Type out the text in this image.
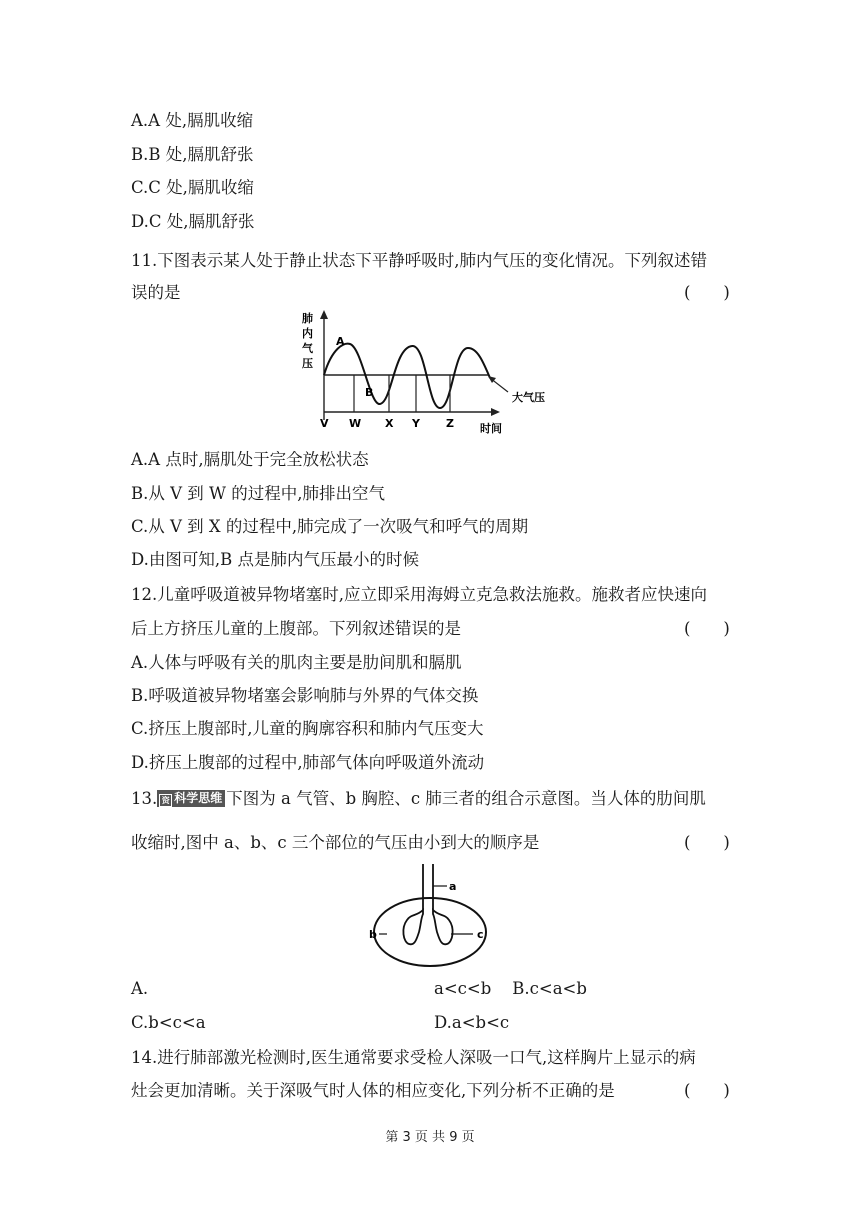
A.A 处,膈肌收缩
B.B 处,膈肌舒张
C.C 处,膈肌收缩
D.C 处,膈肌舒张
11.下图表示某人处于静止状态下平静呼吸时,肺内气压的变化情况。下列叙述错
误的是	(　　)
肺
内
气
压
A
B	大气压
V W X Y Z 时间
A.A 点时,膈肌处于完全放松状态
B.从 V 到 W 的过程中,肺排出空气
C.从 V 到 X 的过程中,肺完成了一次吸气和呼气的周期
D.由图可知,B 点是肺内气压最小的时候
12.儿童呼吸道被异物堵塞时,应立即采用海姆立克急救法施救。施救者应快速向
后上方挤压儿童的上腹部。下列叙述错误的是	(　　)
A.人体与呼吸有关的肌肉主要是肋间肌和膈肌
B.呼吸道被异物堵塞会影响肺与外界的气体交换
C.挤压上腹部时,儿童的胸廓容积和肺内气压变大
D.挤压上腹部的过程中,肺部气体向呼吸道外流动
13. 资 科学思维 下图为 a 气管、b 胸腔、c 肺三者的组合示意图。当人体的肋间肌
收缩时,图中 a、b、c 三个部位的气压由小到大的顺序是	(　　)
a
b	c
A.	a<c<b B.c<a<b
C.b<c<a	D.a<b<c
14.进行肺部激光检测时,医生通常要求受检人深吸一口气,这样胸片上显示的病
灶会更加清晰。关于深吸气时人体的相应变化,下列分析不正确的是	(　　)
第 3 页 共 9 页
